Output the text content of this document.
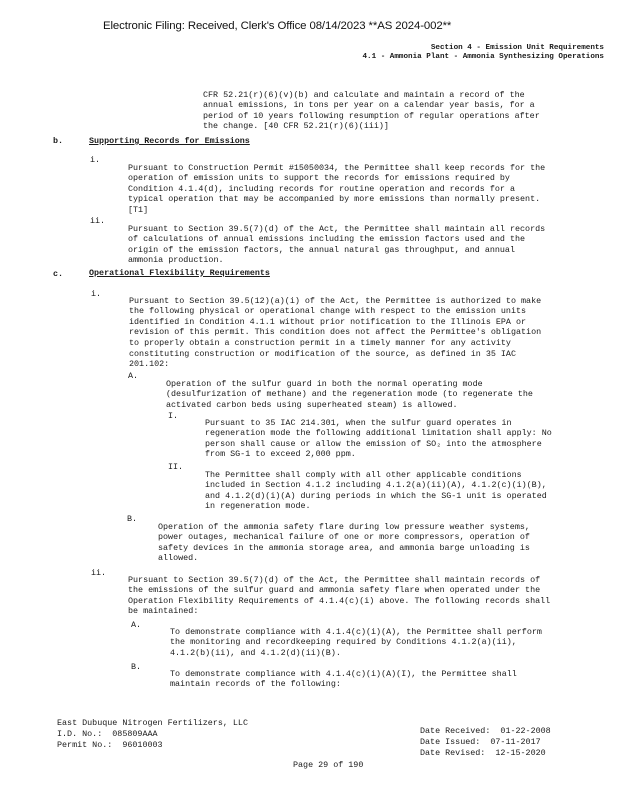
Electronic Filing: Received, Clerk's Office 08/14/2023 **AS 2024-002**
Section 4 - Emission Unit Requirements
4.1 - Ammonia Plant - Ammonia Synthesizing Operations

CFR 52.21(r)(6)(v)(b) and calculate and maintain a record of the
annual emissions, in tons per year on a calendar year basis, for a
period of 10 years following resumption of regular operations after
the change. [40 CFR 52.21(r)(6)(iii)]

b.	Supporting Records for Emissions
i.

Pursuant to Construction Permit #15050034, the Permittee shall keep records for the
operation of emission units to support the records for emissions required by
Condition 4.1.4(d), including records for routine operation and records for a
typical operation that may be accompanied by more emissions than normally present.
[T1]

ii.

Pursuant to Section 39.5(7)(d) of the Act, the Permittee shall maintain all records
of calculations of annual emissions including the emission factors used and the
origin of the emission factors, the annual natural gas throughput, and annual
ammonia production.

c.	Operational Flexibility Requirements
i.

Pursuant to Section 39.5(12)(a)(i) of the Act, the Permittee is authorized to make
the following physical or operational change with respect to the emission units
identified in Condition 4.1.1 without prior notification to the Illinois EPA or
revision of this permit. This condition does not affect the Permittee's obligation
to properly obtain a construction permit in a timely manner for any activity
constituting construction or modification of the source, as defined in 35 IAC
201.102:

A.

Operation of the sulfur guard in both the normal operating mode
(desulfurization of methane) and the regeneration mode (to regenerate the
activated carbon beds using superheated steam) is allowed.

I.

Pursuant to 35 IAC 214.301, when the sulfur guard operates in
regeneration mode the following additional limitation shall apply: No
person shall cause or allow the emission of SO₂ into the atmosphere
from SG-1 to exceed 2,000 ppm.

II.

The Permittee shall comply with all other applicable conditions
included in Section 4.1.2 including 4.1.2(a)(ii)(A), 4.1.2(c)(i)(B),
and 4.1.2(d)(i)(A) during periods in which the SG-1 unit is operated
in regeneration mode.

B.

Operation of the ammonia safety flare during low pressure weather systems,
power outages, mechanical failure of one or more compressors, operation of
safety devices in the ammonia storage area, and ammonia barge unloading is
allowed.

ii.

Pursuant to Section 39.5(7)(d) of the Act, the Permittee shall maintain records of
the emissions of the sulfur guard and ammonia safety flare when operated under the
Operation Flexibility Requirements of 4.1.4(c)(i) above. The following records shall
be maintained:

A.

To demonstrate compliance with 4.1.4(c)(i)(A), the Permittee shall perform
the monitoring and recordkeeping required by Conditions 4.1.2(a)(ii),
4.1.2(b)(ii), and 4.1.2(d)(ii)(B).

B.

To demonstrate compliance with 4.1.4(c)(i)(A)(I), the Permittee shall
maintain records of the following:

East Dubuque Nitrogen Fertilizers, LLC
I.D. No.:  085809AAA
Permit No.:  96010003
Date Received:  01-22-2008
Date Issued:  07-11-2017
Date Revised:  12-15-2020
Page 29 of 190
